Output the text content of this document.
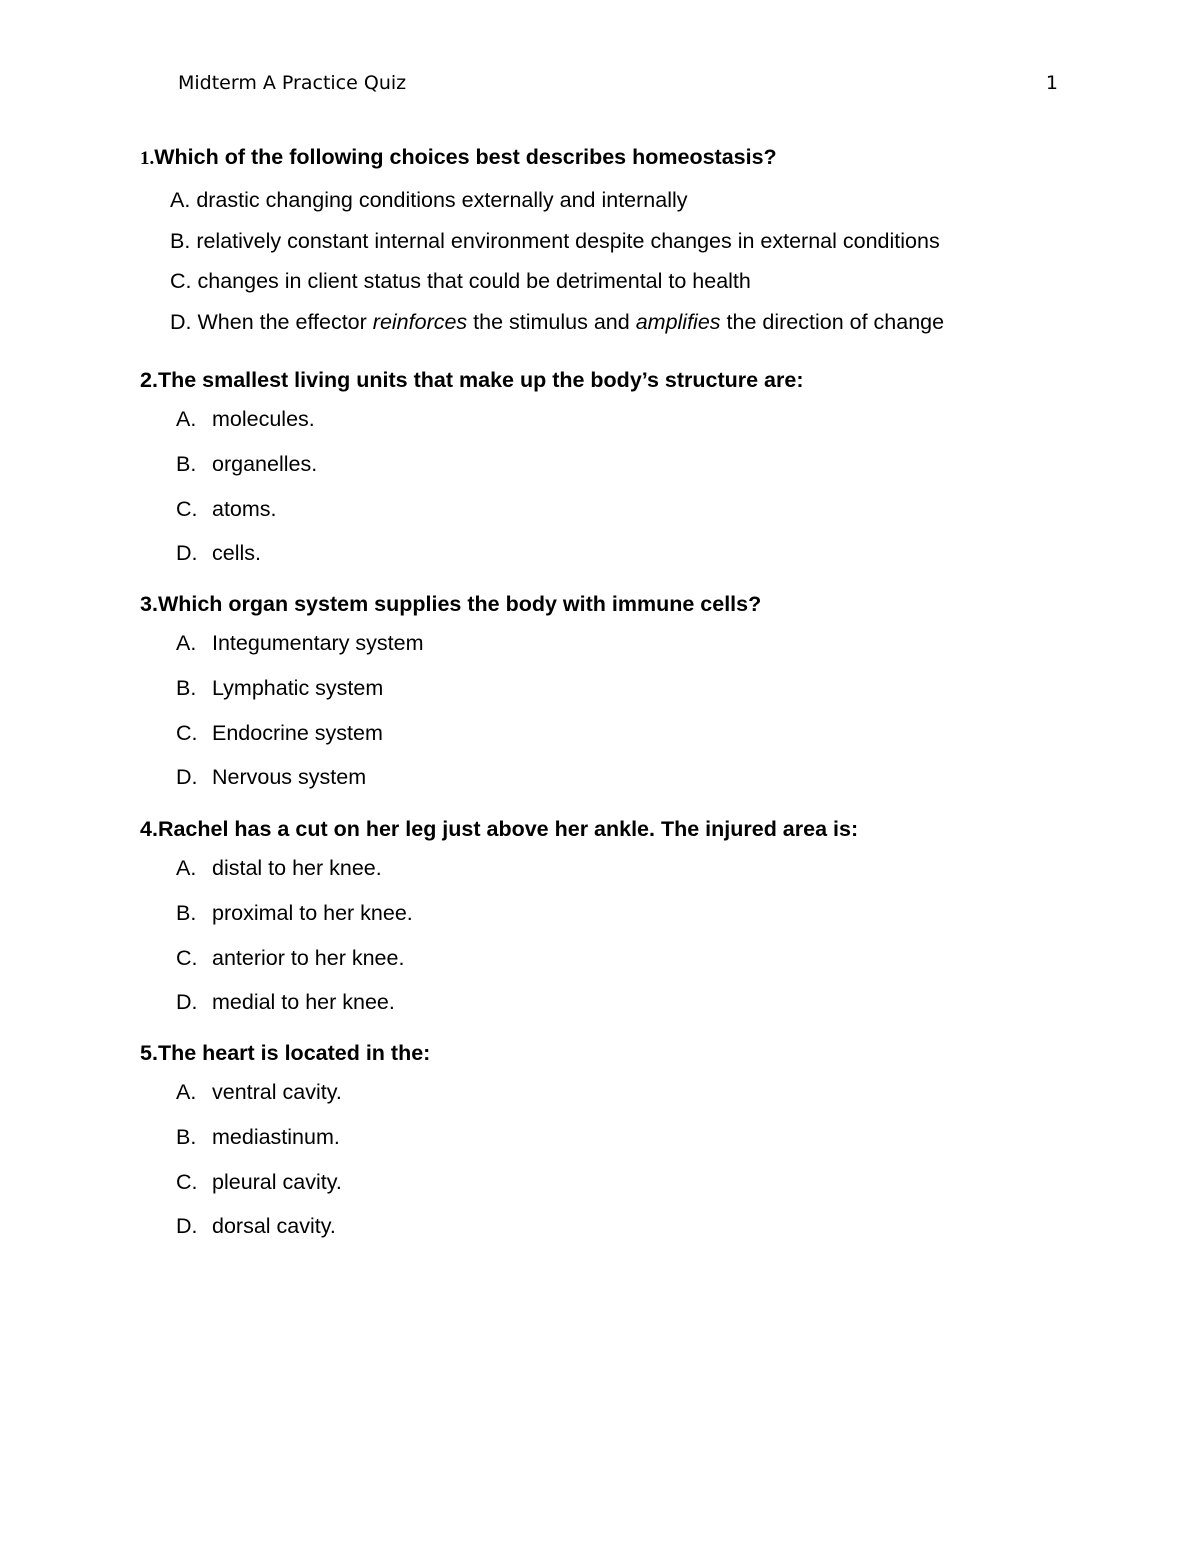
Midterm A Practice Quiz	1
1.Which of the following choices best describes homeostasis?
A. drastic changing conditions externally and internally
B. relatively constant internal environment despite changes in external conditions
C. changes in client status that could be detrimental to health
D. When the effector reinforces the stimulus and amplifies the direction of change
2.The smallest living units that make up the body’s structure are:
A. molecules.
B. organelles.
C. atoms.
D. cells.
3.Which organ system supplies the body with immune cells?
A. Integumentary system
B. Lymphatic system
C. Endocrine system
D. Nervous system
4.Rachel has a cut on her leg just above her ankle. The injured area is:
A. distal to her knee.
B. proximal to her knee.
C. anterior to her knee.
D. medial to her knee.
5.The heart is located in the:
A. ventral cavity.
B. mediastinum.
C. pleural cavity.
D. dorsal cavity.
